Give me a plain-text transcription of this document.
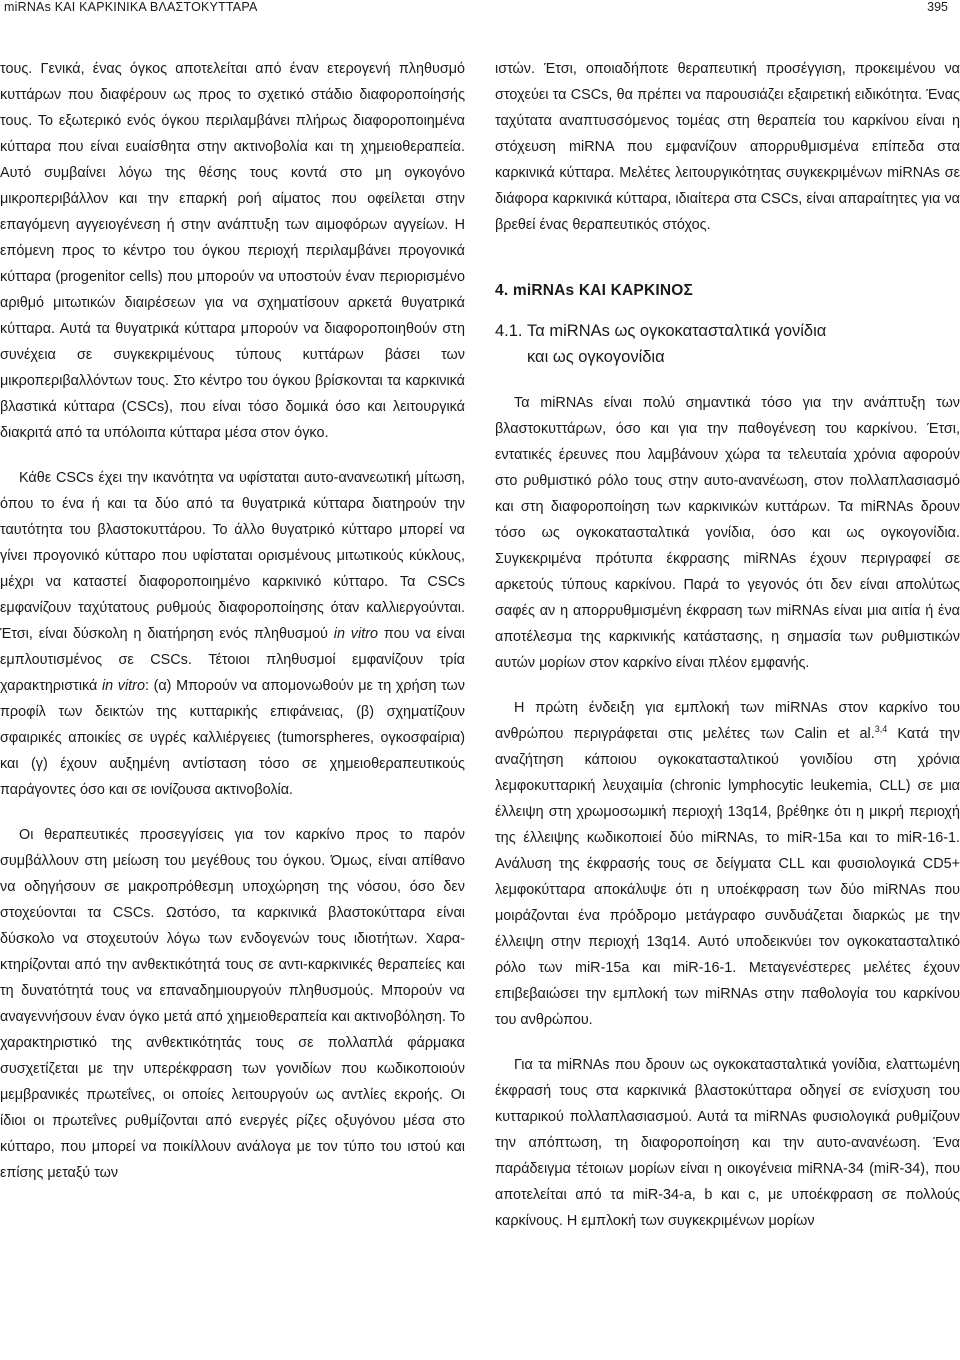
miRNAs ΚΑΙ ΚΑΡΚΙΝΙΚΑ ΒΛΑΣΤΟΚΥΤΤΑΡΑ	395

τους. Γενικά, ένας όγκος αποτελείται από έναν ετερογενή πληθυσμό κυττάρων που διαφέρουν ως προς το σχετικό στάδιο διαφοροποίησής τους. Το εξωτερικό ενός όγκου περιλαμβάνει πλήρως διαφοροποιημένα κύτταρα που είναι ευαίσθητα στην ακτινοβολία και τη χημειοθεραπεία. Αυτό συμβαίνει λόγω της θέσης τους κοντά στο μη ογκογόνο μικροπεριβάλλον και την επαρκή ροή αίματος που οφείλεται στην επαγόμενη αγγειογένεση ή στην ανάπτυξη των αιμοφόρων αγγείων. Η επόμενη προς το κέντρο του όγκου περιοχή περιλαμβάνει προγονικά κύτταρα (progenitor cells) που μπορούν να υποστούν έναν περιορισμένο αριθμό μιτωτικών διαιρέσεων για να σχηματίσουν αρκετά θυγατρικά κύτταρα. Αυτά τα θυγατρικά κύτταρα μπορούν να διαφοροποιηθούν στη συνέχεια σε συγκεκριμένους τύπους κυττάρων βάσει των μικροπεριβαλλόντων τους. Στο κέντρο του όγκου βρίσκονται τα καρκινικά βλαστικά κύτταρα (CSCs), που είναι τόσο δομικά όσο και λειτουργικά διακριτά από τα υπόλοιπα κύτταρα μέσα στον όγκο.

Κάθε CSCs έχει την ικανότητα να υφίσταται αυτο-ανανεωτική μίτωση, όπου το ένα ή και τα δύο από τα θυγατρικά κύτταρα διατηρούν την ταυτότητα του βλαστοκυττάρου. Το άλλο θυγατρικό κύτταρο μπορεί να γίνει προγονικό κύτταρο που υφίσταται ορισμένους μιτωτικούς κύκλους, μέχρι να καταστεί διαφοροποιημένο καρκινικό κύτταρο. Τα CSCs εμφανίζουν ταχύτατους ρυθμούς διαφοροποίησης όταν καλλιεργούνται. Έτσι, είναι δύσκολη η διατήρηση ενός πληθυσμού in vitro που να είναι εμπλουτισμένος σε CSCs. Τέτοιοι πληθυσμοί εμφανίζουν τρία χαρακτηριστικά in vitro: (α) Μπορούν να απομονωθούν με τη χρήση των προφίλ των δεικτών της κυτταρικής επιφάνειας, (β) σχηματίζουν σφαιρικές αποικίες σε υγρές καλλιέργειες (tumorspheres, ογκοσφαίρια) και (γ) έχουν αυξημένη αντίσταση τόσο σε χημειοθεραπευτικούς παράγοντες όσο και σε ιονίζουσα ακτινοβολία.

Οι θεραπευτικές προσεγγίσεις για τον καρκίνο προς το παρόν συμβάλλουν στη μείωση του μεγέθους του όγκου. Όμως, είναι απίθανο να οδηγήσουν σε μακροπρόθεσμη υποχώρηση της νόσου, όσο δεν στοχεύονται τα CSCs. Ωστόσο, τα καρκινικά βλαστοκύτταρα είναι δύσκολο να στοχευτούν λόγω των ενδογενών τους ιδιοτήτων. Χαρακτηρίζονται από την ανθεκτικότητά τους σε αντι-καρκινικές θεραπείες και τη δυνατότητά τους να επαναδημιουργούν πληθυσμούς. Μπορούν να αναγεννήσουν έναν όγκο μετά από χημειοθεραπεία και ακτινοβόληση. Το χαρακτηριστικό της ανθεκτικότητάς τους σε πολλαπλά φάρμακα συσχετίζεται με την υπερέκφραση των γονιδίων που κωδικοποιούν μεμβρανικές πρωτεΐνες, οι οποίες λειτουργούν ως αντλίες εκροής. Οι ίδιοι οι πρωτεΐνες ρυθμίζονται από ενεργές ρίζες οξυγόνου μέσα στο κύτταρο, που μπορεί να ποικίλλουν ανάλογα με τον τύπο του ιστού και επίσης μεταξύ των

ιστών. Έτσι, οποιαδήποτε θεραπευτική προσέγγιση, προκειμένου να στοχεύει τα CSCs, θα πρέπει να παρουσιάζει εξαιρετική ειδικότητα. Ένας ταχύτατα αναπτυσσόμενος τομέας στη θεραπεία του καρκίνου είναι η στόχευση miRNA που εμφανίζουν απορρυθμισμένα επίπεδα στα καρκινικά κύτταρα. Μελέτες λειτουργικότητας συγκεκριμένων miRNAs σε διάφορα καρκινικά κύτταρα, ιδιαίτερα στα CSCs, είναι απαραίτητες για να βρεθεί ένας θεραπευτικός στόχος.

4. miRNAs ΚΑΙ ΚΑΡΚΙΝΟΣ
4.1. Τα miRNAs ως ογκοκατασταλτικά γονίδια
και ως ογκογονίδια

Τα miRNAs είναι πολύ σημαντικά τόσο για την ανάπτυξη των βλαστοκυττάρων, όσο και για την παθογένεση του καρκίνου. Έτσι, εντατικές έρευνες που λαμβάνουν χώρα τα τελευταία χρόνια αφορούν στο ρυθμιστικό ρόλο τους στην αυτο-ανανέωση, στον πολλαπλασιασμό και στη διαφοροποίηση των καρκινικών κυττάρων. Τα miRNAs δρουν τόσο ως ογκοκατασταλτικά γονίδια, όσο και ως ογκογονίδια. Συγκεκριμένα πρότυπα έκφρασης miRNAs έχουν περιγραφεί σε αρκετούς τύπους καρκίνου. Παρά το γεγονός ότι δεν είναι απολύτως σαφές αν η απορρυθμισμένη έκφραση των miRNAs είναι μια αιτία ή ένα αποτέλεσμα της καρκινικής κατάστασης, η σημασία των ρυθμιστικών αυτών μορίων στον καρκίνο είναι πλέον εμφανής.

Η πρώτη ένδειξη για εμπλοκή των miRNAs στον καρκίνο του ανθρώπου περιγράφεται στις μελέτες των Calin et al.$^{3,4}$ Κατά την αναζήτηση κάποιου ογκοκατασταλτικού γονιδίου στη χρόνια λεμφοκυτταρική λευχαιμία (chronic lymphocytic leukemia, CLL) σε μια έλλειψη στη χρωμοσωμική περιοχή 13q14, βρέθηκε ότι η μικρή περιοχή της έλλειψης κωδικοποιεί δύο miRNAs, το miR-15a και το miR-16-1. Ανάλυση της έκφρασής τους σε δείγματα CLL και φυσιολογικά CD5+ λεμφοκύτταρα αποκάλυψε ότι η υποέκφραση των δύο miRNAs που μοιράζονται ένα πρόδρομο μετάγραφο συνδυάζεται διαρκώς με την έλλειψη στην περιοχή 13q14. Αυτό υποδεικνύει τον ογκοκατασταλτικό ρόλο των miR-15a και miR-16-1. Μεταγενέστερες μελέτες έχουν επιβεβαιώσει την εμπλοκή των miRNAs στην παθολογία του καρκίνου του ανθρώπου.

Για τα miRNAs που δρουν ως ογκοκατασταλτικά γονίδια, ελαττωμένη έκφρασή τους στα καρκινικά βλαστοκύτταρα οδηγεί σε ενίσχυση του κυτταρικού πολλαπλασιασμού. Αυτά τα miRNAs φυσιολογικά ρυθμίζουν την απόπτωση, τη διαφοροποίηση και την αυτο-ανανέωση. Ένα παράδειγμα τέτοιων μορίων είναι η οικογένεια miRNA-34 (miR-34), που αποτελείται από τα miR-34-a, b και c, με υποέκφραση σε πολλούς καρκίνους. Η εμπλοκή των συγκεκριμένων μορίων
